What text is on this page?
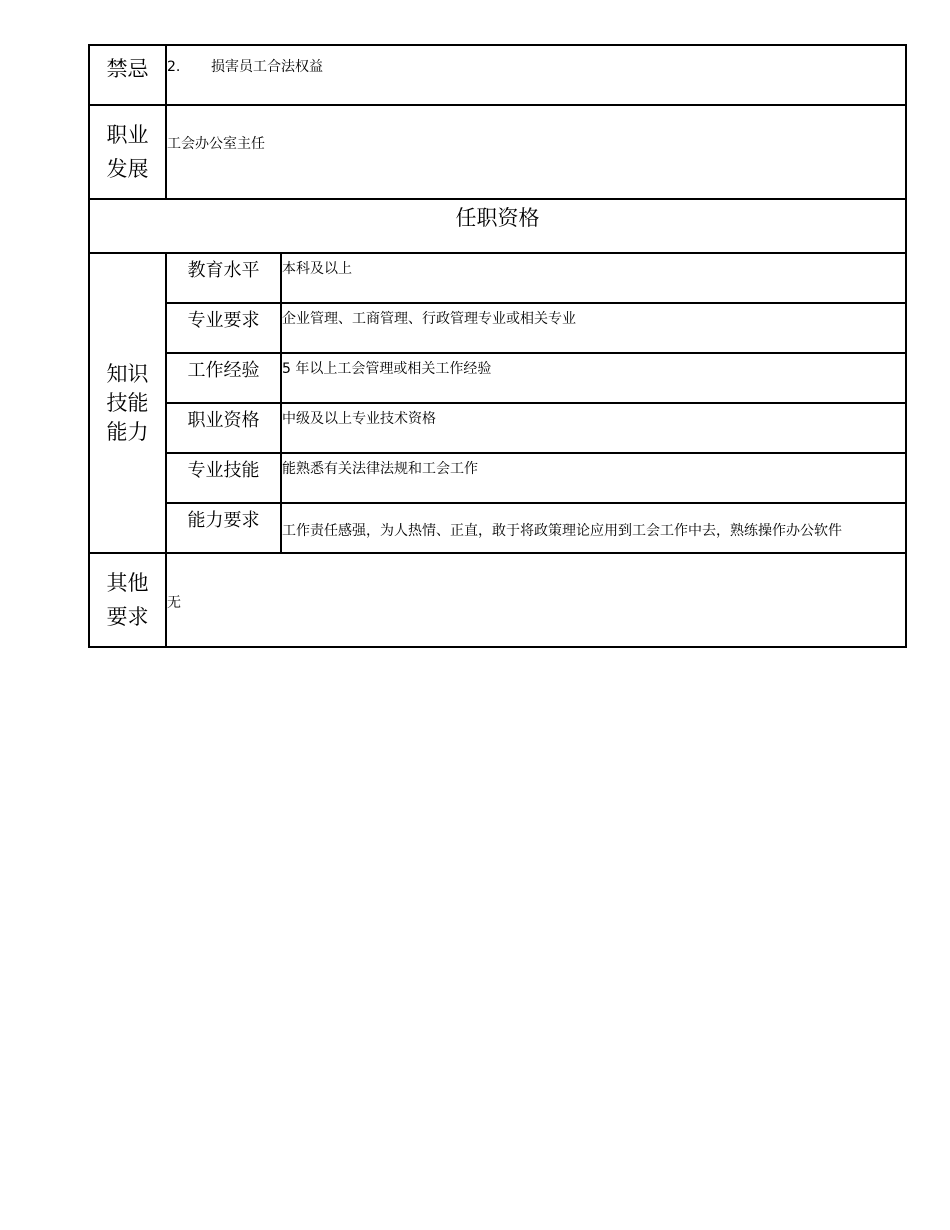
禁忌	2. 损害员工合法权益	

职业
发展	工会办公室主任	
任职资格		

知识
技能
能力	教育水平	本科及以上
	专业要求	企业管理、工商管理、行政管理专业或相关专业
	工作经验	5 年以上工会管理或相关工作经验
	职业资格	中级及以上专业技术资格
	专业技能	能熟悉有关法律法规和工会工作
	能力要求	工作责任感强，为人热情、正直，敢于将政策理论应用到工会工作中去，熟练操作办公软件

其他
要求	无	
